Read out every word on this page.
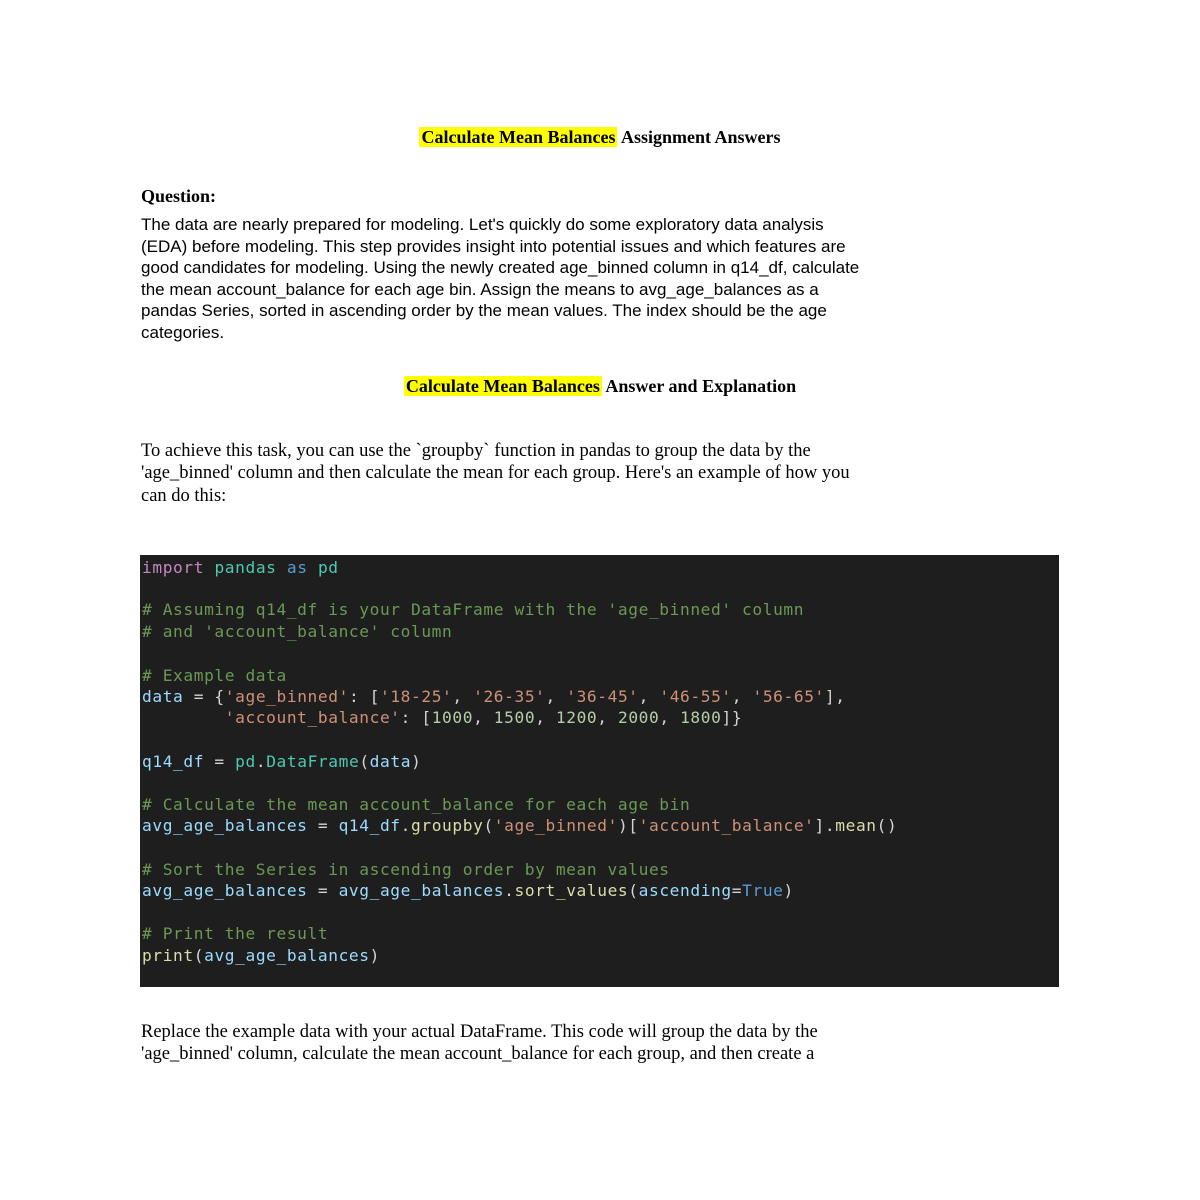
Calculate Mean Balances Assignment Answers
Question:
The data are nearly prepared for modeling. Let's quickly do some exploratory data analysis
(EDA) before modeling. This step provides insight into potential issues and which features are
good candidates for modeling. Using the newly created age_binned column in q14_df, calculate
the mean account_balance for each age bin. Assign the means to avg_age_balances as a
pandas Series, sorted in ascending order by the mean values. The index should be the age
categories.
Calculate Mean Balances Answer and Explanation
To achieve this task, you can use the `groupby` function in pandas to group the data by the
'age_binned' column and then calculate the mean for each group. Here's an example of how you
can do this:
import pandas as pd
# Assuming q14_df is your DataFrame with the 'age_binned' column
# and 'account_balance' column
# Example data
data = {'age_binned': ['18-25', '26-35', '36-45', '46-55', '56-65'],
'account_balance': [1000, 1500, 1200, 2000, 1800]}
q14_df = pd.DataFrame(data)
# Calculate the mean account_balance for each age bin
avg_age_balances = q14_df.groupby('age_binned')['account_balance'].mean()
# Sort the Series in ascending order by mean values
avg_age_balances = avg_age_balances.sort_values(ascending=True)
# Print the result
print(avg_age_balances)
Replace the example data with your actual DataFrame. This code will group the data by the
'age_binned' column, calculate the mean account_balance for each group, and then create a
